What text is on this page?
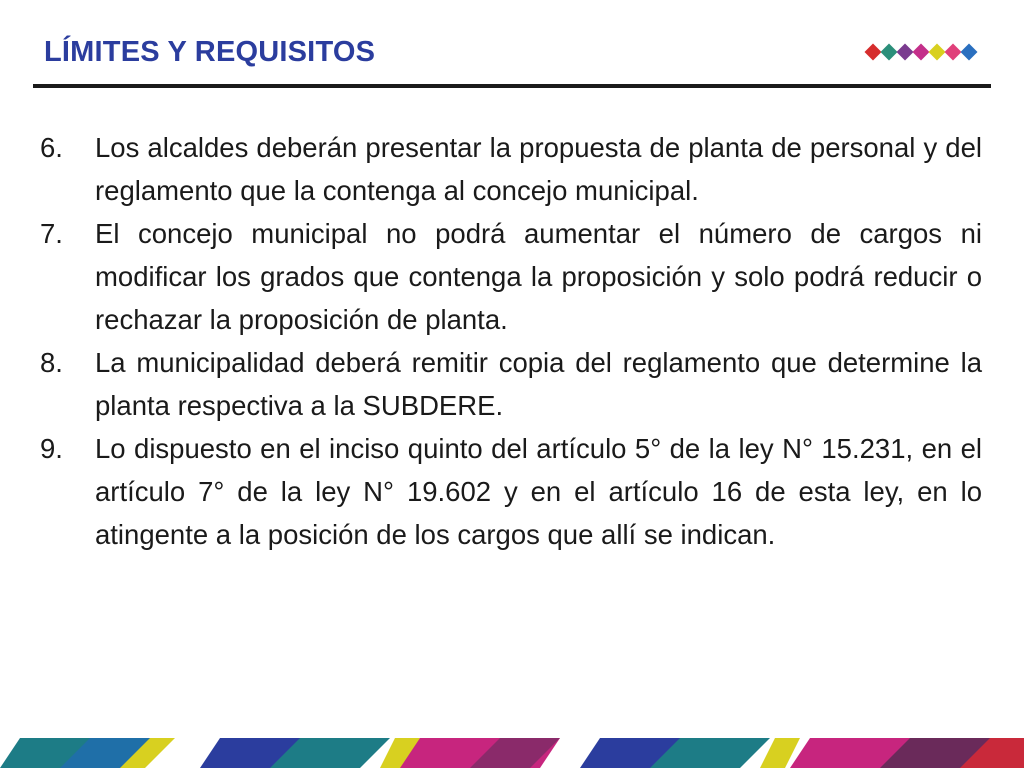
LÍMITES Y REQUISITOS
6.	Los alcaldes deberán presentar la propuesta de planta de personal y del reglamento que la contenga al concejo municipal.
7.	El concejo municipal no podrá aumentar el número de cargos ni modificar los grados que contenga la proposición y solo podrá reducir o rechazar la proposición de planta.
8.	La municipalidad deberá remitir copia del reglamento que determine la planta respectiva a la SUBDERE.
9.	Lo dispuesto en el inciso quinto del artículo 5° de la ley N° 15.231, en el artículo 7° de la ley N° 19.602 y en el artículo 16 de esta ley, en lo atingente a la posición de los cargos que allí se indican.
